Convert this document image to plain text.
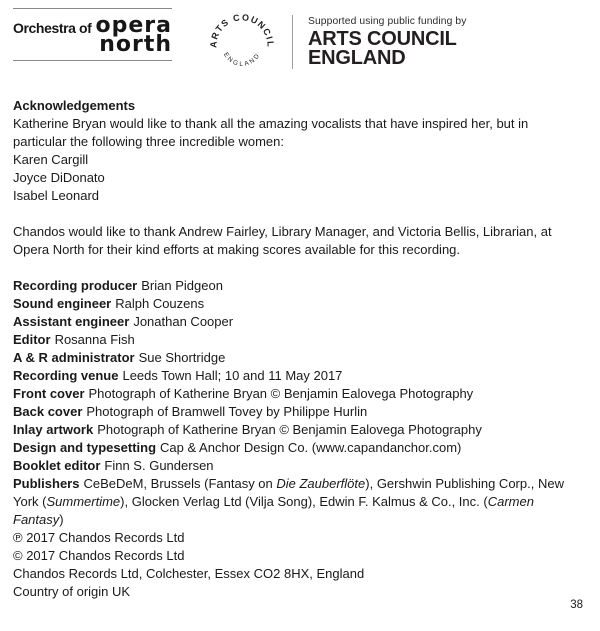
Orchestra of opera
north	ARTS COUNCIL
ENGLAND
Supported using public funding by
ARTS COUNCIL
ENGLAND
Acknowledgements
Katherine Bryan would like to thank all the amazing vocalists that have inspired her, but in particular the following three incredible women:
Karen Cargill
Joyce DiDonato
Isabel Leonard
Chandos would like to thank Andrew Fairley, Library Manager, and Victoria Bellis, Librarian, at Opera North for their kind efforts at making scores available for this recording.
Recording producer Brian Pidgeon
Sound engineer Ralph Couzens
Assistant engineer Jonathan Cooper
Editor Rosanna Fish
A & R administrator Sue Shortridge
Recording venue Leeds Town Hall; 10 and 11 May 2017
Front cover Photograph of Katherine Bryan © Benjamin Ealovega Photography
Back cover Photograph of Bramwell Tovey by Philippe Hurlin
Inlay artwork Photograph of Katherine Bryan © Benjamin Ealovega Photography
Design and typesetting Cap & Anchor Design Co. (www.capandanchor.com)
Booklet editor Finn S. Gundersen
Publishers CeBeDeM, Brussels (Fantasy on Die Zauberflöte), Gershwin Publishing Corp., New York (Summertime), Glocken Verlag Ltd (Vilja Song), Edwin F. Kalmus & Co., Inc. (Carmen Fantasy)
℗ 2017 Chandos Records Ltd
© 2017 Chandos Records Ltd
Chandos Records Ltd, Colchester, Essex CO2 8HX, England
Country of origin UK
38
